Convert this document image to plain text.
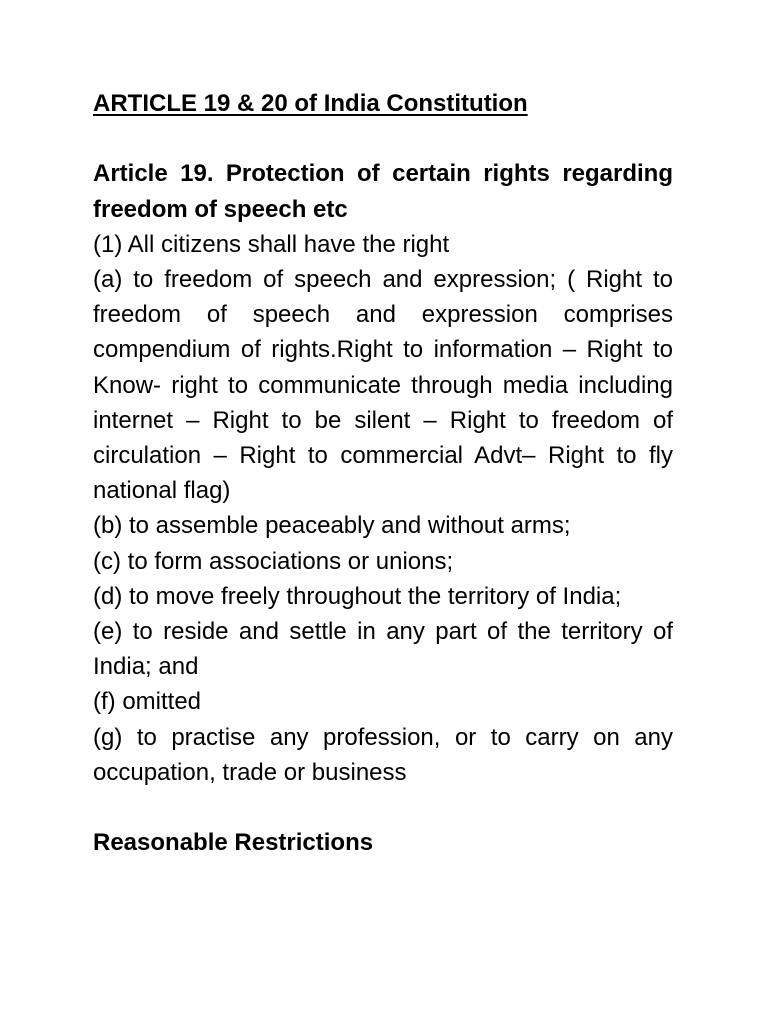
ARTICLE 19 & 20 of India Constitution
Article 19. Protection of certain rights regarding freedom of speech etc
(1) All citizens shall have the right
(a) to freedom of speech and expression; ( Right to freedom of speech and expression comprises compendium of rights.Right to information – Right to Know- right to communicate through media including internet – Right to be silent – Right to freedom of circulation – Right to commercial Advt– Right to fly national flag)
(b) to assemble peaceably and without arms;
(c) to form associations or unions;
(d) to move freely throughout the territory of India;
(e) to reside and settle in any part of the territory of India; and
(f) omitted
(g) to practise any profession, or to carry on any occupation, trade or business
Reasonable Restrictions
